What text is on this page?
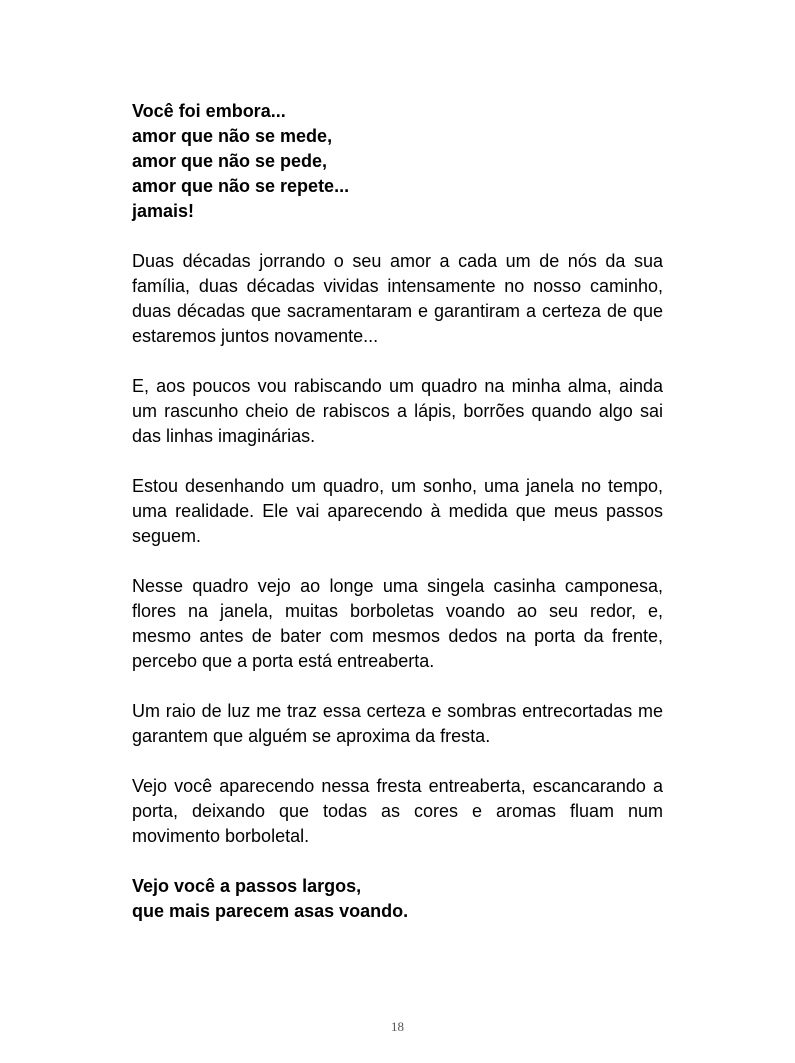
Você foi embora...
amor que não se mede,
amor que não se pede,
amor que não se repete...
jamais!

Duas décadas jorrando o seu amor a cada um de nós da sua família, duas décadas vividas intensamente no nosso caminho, duas décadas que sacramentaram e garantiram a certeza de que estaremos juntos novamente...

E, aos poucos vou rabiscando um quadro na minha alma, ainda um rascunho cheio de rabiscos a lápis, borrões quando algo sai das linhas imaginárias.

Estou desenhando um quadro, um sonho, uma janela no tempo, uma realidade. Ele vai aparecendo à medida que meus passos seguem.

Nesse quadro vejo ao longe uma singela casinha camponesa, flores na janela, muitas borboletas voando ao seu redor, e, mesmo antes de bater com mesmos dedos na porta da frente, percebo que a porta está entreaberta.

Um raio de luz me traz essa certeza e sombras entrecortadas me garantem que alguém se aproxima da fresta.

Vejo você aparecendo nessa fresta entreaberta, escancarando a porta, deixando que todas as cores e aromas fluam num movimento borboletal.

Vejo você a passos largos,
que mais parecem asas voando.
18
